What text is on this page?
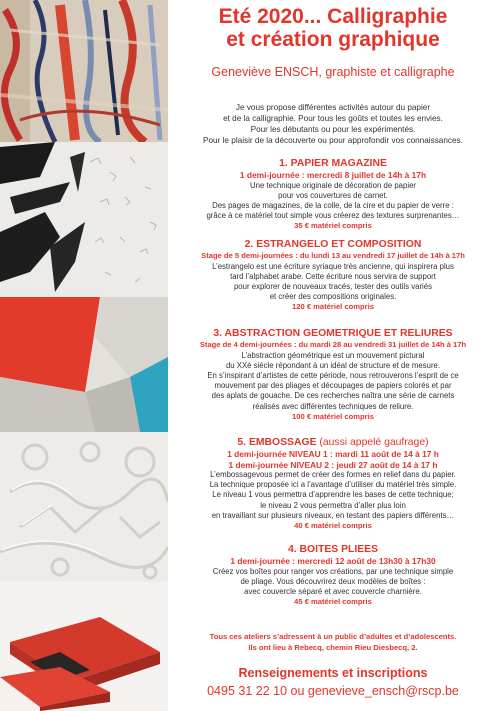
Eté 2020... Calligraphie
et création graphique
Geneviève ENSCH, graphiste et calligraphe
Je vous propose différentes activités autour du papier
et de la calligraphie. Pour tous les goûts et toutes les envies.
Pour les débutants ou pour les expérimentés.
Pour le plaisir de la découverte ou pour approfondir vos connaissances.
1. PAPIER MAGAZINE
1 demi-journée : mercredi 8 juillet de 14h à 17h
Une technique originale de décoration de papier
pour vos couvertures de carnet.
Des pages de magazines, de la colle, de la cire et du papier de verre :
grâce à ce matériel tout simple vous créerez des textures surprenantes…
35 € matériel compris
2. ESTRANGELO ET COMPOSITION
Stage de 5 demi-journées : du lundi 13 au vendredi 17 juillet de 14h à 17h
L’estrangelo est une écriture syriaque très ancienne, qui inspirera plus
tard l’alphabet arabe. Cette écriture nous servira de support
pour explorer de nouveaux tracés, tester des outils variés
et créer des compositions originales.
120 € matériel compris
3. ABSTRACTION GEOMETRIQUE ET RELIURES
Stage de 4 demi-journées : du mardi 28 au vendredi 31 juillet de 14h à 17h
L’abstraction géométrique est un mouvement pictural
du XXè siècle répondant à un idéal de structure et de mesure.
En s’inspirant d’artistes de cette période, nous retrouverons l’esprit de ce
mouvement par des pliages et découpages de papiers colorés et par
des aplats de gouache. De ces recherches naîtra une série de carnets
réalisés avec différentes techniques de reliure.
100 € matériel compris
5. EMBOSSAGE (aussi appelé gaufrage)
1 demi-journée NIVEAU 1 : mardi 11 août de 14 à 17 h
1 demi-journée NIVEAU 2 : jeudi 27 août de 14 à 17 h
L’embossagevous permet de créer des formes en relief dans du papier.
La technique proposée ici a l’avantage d’utiliser du matériel très simple.
Le niveau 1 vous permettra d’apprendre les bases de cette technique;
le niveau 2 vous permettra d’aller plus loin
en travaillant sur plusieurs niveaux, en testant des papiers différents…
40 € matériel compris
4. BOITES PLIEES
1 demi-journée : mercredi 12 août de 13h30 à 17h30
Créez vos boîtes pour ranger vos créations, par une technique simple
de pliage. Vous découvrirez deux modèles de boîtes :
avec couvercle séparé et avec couvercle charnière.
45 € matériel compris
Tous ces ateliers s’adressent à un public d’adultes et d’adolescents.
Ils ont lieu à Rebecq, chemin Rieu Diesbecq, 2.
Renseignements et inscriptions
0495 31 22 10 ou genevieve_ensch@rscp.be
